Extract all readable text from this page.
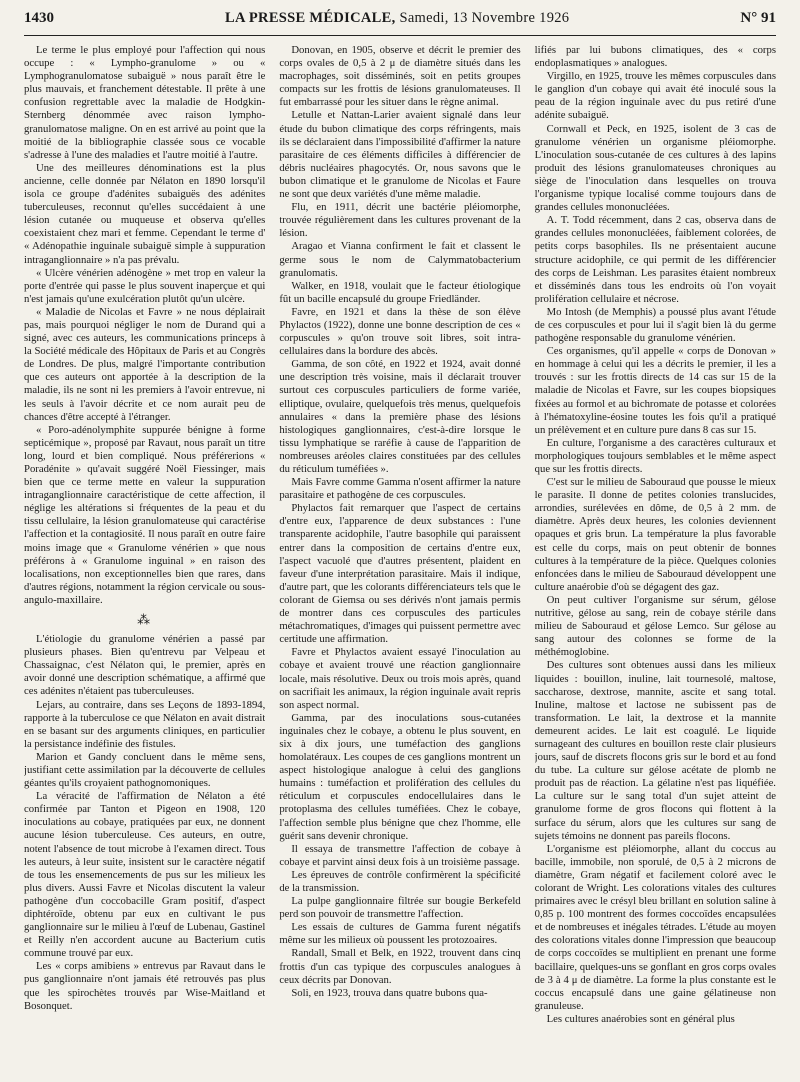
1430	LA PRESSE MÉDICALE, Samedi, 13 Novembre 1926	N° 91

Le terme le plus employé pour l'affection qui nous occupe : « Lympho-granulome » ou « Lymphogranulomatose subaiguë » nous paraît être le plus mauvais, et franchement détestable. Il prête à une confusion regrettable avec la maladie de Hodgkin-Sternberg dénommée avec raison lympho-granulomatose maligne. On en est arrivé au point que la moitié de la bibliographie classée sous ce vocable s'adresse à l'une des maladies et l'autre moitié à l'autre.

Une des meilleures dénominations est la plus ancienne, celle donnée par Nélaton en 1890 lorsqu'il isola ce groupe d'adénites subaiguës des adénites tuberculeuses, reconnut qu'elles succédaient à une lésion cutanée ou muqueuse et observa qu'elles coexistaient chez mari et femme. Cependant le terme d' « Adénopathie inguinale subaiguë simple à suppuration intraganglionnaire » n'a pas prévalu.

« Ulcère vénérien adénogène » met trop en valeur la porte d'entrée qui passe le plus souvent inaperçue et qui n'est jamais qu'une exulcération plutôt qu'un ulcère.

« Maladie de Nicolas et Favre » ne nous déplairait pas, mais pourquoi négliger le nom de Durand qui a signé, avec ces auteurs, les communications princeps à la Société médicale des Hôpitaux de Paris et au Congrès de Londres. De plus, malgré l'importante contribution que ces auteurs ont apportée à la description de la maladie, ils ne sont ni les premiers à l'avoir entrevue, ni les seuls à l'avoir décrite et ce nom aurait peu de chances d'être accepté à l'étranger.

« Poro-adénolymphite suppurée bénigne à forme septicémique », proposé par Ravaut, nous paraît un titre long, lourd et bien compliqué. Nous préférerions « Poradénite » qu'avait suggéré Noël Fiessinger, mais bien que ce terme mette en valeur la suppuration intraganglionnaire caractéristique de cette affection, il néglige les altérations si fréquentes de la peau et du tissu cellulaire, la lésion granulomateuse qui caractérise l'affection et la contagiosité. Il nous paraît en outre faire moins image que « Granulome vénérien » que nous préférons à « Granulome inguinal » en raison des localisations, non exceptionnelles bien que rares, dans d'autres régions, notamment la région cervicale ou sous-angulo-maxillaire.

⁂

L'étiologie du granulome vénérien a passé par plusieurs phases. Bien qu'entrevu par Velpeau et Chassaignac, c'est Nélaton qui, le premier, après en avoir donné une description schématique, a affirmé que ces adénites n'étaient pas tuberculeuses.

Lejars, au contraire, dans ses Leçons de 1893-1894, rapporte à la tuberculose ce que Nélaton en avait distrait en se basant sur des arguments cliniques, en particulier la persistance indéfinie des fistules.

Marion et Gandy concluent dans le même sens, justifiant cette assimilation par la découverte de cellules géantes qu'ils croyaient pathognomoniques.

La véracité de l'affirmation de Nélaton a été confirmée par Tanton et Pigeon en 1908, 120 inoculations au cobaye, pratiquées par eux, ne donnent aucune lésion tuberculeuse. Ces auteurs, en outre, notent l'absence de tout microbe à l'examen direct. Tous les auteurs, à leur suite, insistent sur le caractère négatif de tous les ensemencements de pus sur les milieux les plus divers. Aussi Favre et Nicolas discutent la valeur pathogène d'un coccobacille Gram positif, d'aspect diphtéroïde, obtenu par eux en cultivant le pus ganglionnaire sur le milieu à l'œuf de Lubenau, Gastinel et Reilly n'en accordent aucune au Bacterium cutis commune trouvé par eux.

Les « corps amibiens » entrevus par Ravaut dans le pus ganglionnaire n'ont jamais été retrouvés pas plus que les spirochètes trouvés par Wise-Maitland et Bosonquet.

Donovan, en 1905, observe et décrit le premier des corps ovales de 0,5 à 2 μ de diamètre situés dans les macrophages, soit disséminés, soit en petits groupes compacts sur les frottis de lésions granulomateuses. Il fut embarrassé pour les situer dans le règne animal.

Letulle et Nattan-Larier avaient signalé dans leur étude du bubon climatique des corps réfringents, mais ils se déclaraient dans l'impossibilité d'affirmer la nature parasitaire de ces éléments difficiles à différencier de débris nucléaires phagocytés. Or, nous savons que le bubon climatique et le granulome de Nicolas et Faure ne sont que deux variétés d'une même maladie.

Flu, en 1911, décrit une bactérie pléiomorphe, trouvée régulièrement dans les cultures provenant de la lésion.

Aragao et Vianna confirment le fait et classent le germe sous le nom de Calymmatobacterium granulomatis.

Walker, en 1918, voulait que le facteur étiologique fût un bacille encapsulé du groupe Friedländer.

Favre, en 1921 et dans la thèse de son élève Phylactos (1922), donne une bonne description de ces « corpuscules » qu'on trouve soit libres, soit intra-cellulaires dans la bordure des abcès.

Gamma, de son côté, en 1922 et 1924, avait donné une description très voisine, mais il déclarait trouver surtout ces corpuscules particuliers de forme variée, elliptique, ovulaire, quelquefois très menus, quelquefois annulaires « dans la première phase des lésions histologiques ganglionnaires, c'est-à-dire lorsque le tissu lymphatique se raréfie à cause de l'apparition de nombreuses aréoles claires constituées par des cellules du réticulum tuméfiées ».

Mais Favre comme Gamma n'osent affirmer la nature parasitaire et pathogène de ces corpuscules.

Phylactos fait remarquer que l'aspect de certains d'entre eux, l'apparence de deux substances : l'une transparente acidophile, l'autre basophile qui paraissent entrer dans la composition de certains d'entre eux, l'aspect vacuolé que d'autres présentent, plaident en faveur d'une interprétation parasitaire. Mais il indique, d'autre part, que les colorants différenciateurs tels que le colorant de Giemsa ou ses dérivés n'ont jamais permis de montrer dans ces corpuscules des particules métachromatiques, d'images qui puissent permettre avec certitude une affirmation.

Favre et Phylactos avaient essayé l'inoculation au cobaye et avaient trouvé une réaction ganglionnaire locale, mais résolutive. Deux ou trois mois après, quand on sacrifiait les animaux, la région inguinale avait repris son aspect normal.

Gamma, par des inoculations sous-cutanées inguinales chez le cobaye, a obtenu le plus souvent, en six à dix jours, une tuméfaction des ganglions homolatéraux. Les coupes de ces ganglions montrent un aspect histologique analogue à celui des ganglions humains : tuméfaction et prolifération des cellules du réticulum et corpuscules endocellulaires dans le protoplasma des cellules tuméfiées. Chez le cobaye, l'affection semble plus bénigne que chez l'homme, elle guérit sans devenir chronique.

Il essaya de transmettre l'affection de cobaye à cobaye et parvint ainsi deux fois à un troisième passage.

Les épreuves de contrôle confirmèrent la spécificité de la transmission.

La pulpe ganglionnaire filtrée sur bougie Berkefeld perd son pouvoir de transmettre l'affection.

Les essais de cultures de Gamma furent négatifs même sur les milieux où poussent les protozoaires.

Randall, Small et Belk, en 1922, trouvent dans cinq frottis d'un cas typique des corpuscules analogues à ceux décrits par Donovan.

Soli, en 1923, trouva dans quatre bubons qua-

lifiés par lui bubons climatiques, des « corps endoplasmatiques » analogues.

Virgillo, en 1925, trouve les mêmes corpuscules dans le ganglion d'un cobaye qui avait été inoculé sous la peau de la région inguinale avec du pus retiré d'une adénite subaiguë.

Cornwall et Peck, en 1925, isolent de 3 cas de granulome vénérien un organisme pléiomorphe. L'inoculation sous-cutanée de ces cultures à des lapins produit des lésions granulomateuses chroniques au siège de l'inoculation dans lesquelles on trouva l'organisme typique localisé comme toujours dans de grandes cellules mononucléées.

A. T. Todd récemment, dans 2 cas, observa dans de grandes cellules mononucléées, faiblement colorées, de petits corps basophiles. Ils ne présentaient aucune structure acidophile, ce qui permit de les différencier des corps de Leishman. Les parasites étaient nombreux et disséminés dans tous les endroits où l'on voyait prolifération cellulaire et nécrose.

Mo Intosh (de Memphis) a poussé plus avant l'étude de ces corpuscules et pour lui il s'agit bien là du germe pathogène responsable du granulome vénérien.

Ces organismes, qu'il appelle « corps de Donovan » en hommage à celui qui les a décrits le premier, il les a trouvés : sur les frottis directs de 14 cas sur 15 de la maladie de Nicolas et Favre, sur les coupes biopsiques fixées au formol et au bichromate de potasse et colorées à l'hématoxyline-éosine toutes les fois qu'il a pratiqué un prélèvement et en culture pure dans 8 cas sur 15.

En culture, l'organisme a des caractères culturaux et morphologiques toujours semblables et le même aspect que sur les frottis directs.

C'est sur le milieu de Sabouraud que pousse le mieux le parasite. Il donne de petites colonies translucides, arrondies, surélevées en dôme, de 0,5 à 2 mm. de diamètre. Après deux heures, les colonies deviennent opaques et gris brun. La température la plus favorable est celle du corps, mais on peut obtenir de bonnes cultures à la température de la pièce. Quelques colonies enfoncées dans le milieu de Sabouraud développent une culture anaérobie d'où se dégagent des gaz.

On peut cultiver l'organisme sur sérum, gélose nutritive, gélose au sang, rein de cobaye stérile dans milieu de Sabouraud et gélose Lemco. Sur gélose au sang autour des colonnes se forme de la méthémoglobine.

Des cultures sont obtenues aussi dans les milieux liquides : bouillon, inuline, lait tournesolé, maltose, saccharose, dextrose, mannite, ascite et sang total. Inuline, maltose et lactose ne subissent pas de transformation. Le lait, la dextrose et la mannite demeurent acides. Le lait est coagulé. Le liquide surnageant des cultures en bouillon reste clair plusieurs jours, sauf de discrets flocons gris sur le bord et au fond du tube. La culture sur gélose acétate de plomb ne produit pas de réaction. La gélatine n'est pas liquéfiée. La culture sur le sang total d'un sujet atteint de granulome forme de gros flocons qui flottent à la surface du sérum, alors que les cultures sur sang de sujets témoins ne donnent pas pareils flocons.

L'organisme est pléiomorphe, allant du coccus au bacille, immobile, non sporulé, de 0,5 à 2 microns de diamètre, Gram négatif et facilement coloré avec le colorant de Wright. Les colorations vitales des cultures primaires avec le crésyl bleu brillant en solution saline à 0,85 p. 100 montrent des formes coccoïdes encapsulées et de nombreuses et inégales tétrades. L'étude au moyen des colorations vitales donne l'impression que beaucoup de corps coccoïdes se multiplient en prenant une forme bacillaire, quelques-uns se gonflant en gros corps ovales de 3 à 4 μ de diamètre. La forme la plus constante est le coccus encapsulé dans une gaine gélatineuse non granuleuse.

Les cultures anaérobies sont en général plus
